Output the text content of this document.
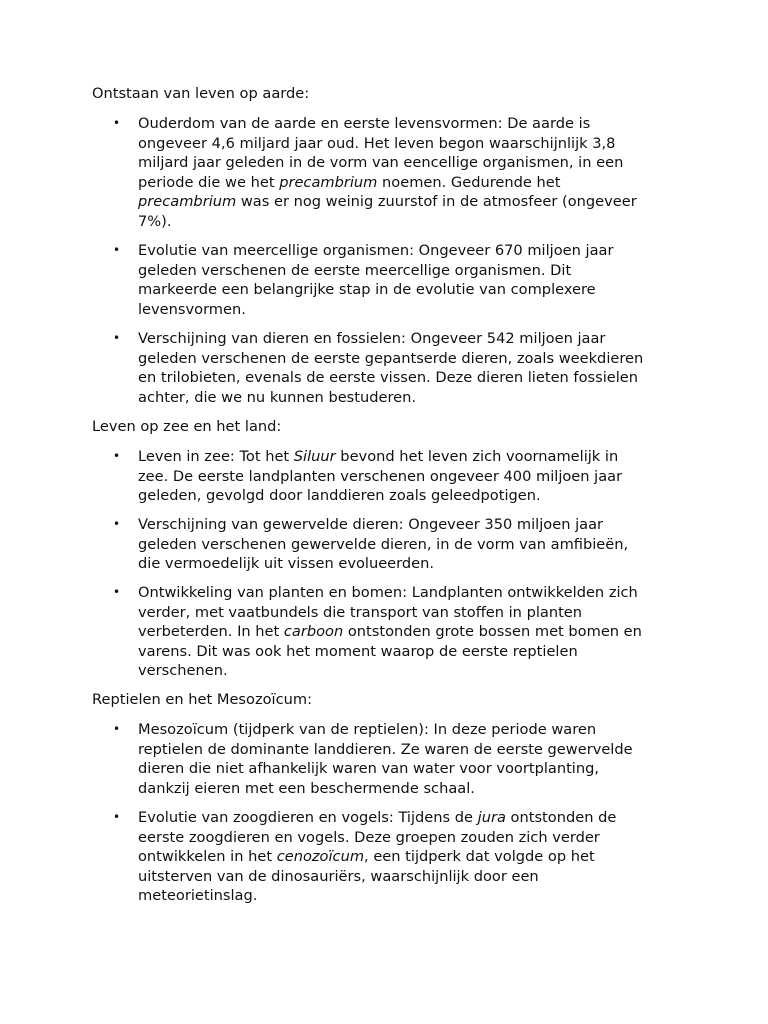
Ontstaan van leven op aarde:
• Ouderdom van de aarde en eerste levensvormen: De aarde is
ongeveer 4,6 miljard jaar oud. Het leven begon waarschijnlijk 3,8
miljard jaar geleden in de vorm van eencellige organismen, in een
periode die we het precambrium noemen. Gedurende het
precambrium was er nog weinig zuurstof in de atmosfeer (ongeveer
7%).
• Evolutie van meercellige organismen: Ongeveer 670 miljoen jaar
geleden verschenen de eerste meercellige organismen. Dit
markeerde een belangrijke stap in de evolutie van complexere
levensvormen.
• Verschijning van dieren en fossielen: Ongeveer 542 miljoen jaar
geleden verschenen de eerste gepantserde dieren, zoals weekdieren
en trilobieten, evenals de eerste vissen. Deze dieren lieten fossielen
achter, die we nu kunnen bestuderen.
Leven op zee en het land:
• Leven in zee: Tot het Siluur bevond het leven zich voornamelijk in
zee. De eerste landplanten verschenen ongeveer 400 miljoen jaar
geleden, gevolgd door landdieren zoals geleedpotigen.
• Verschijning van gewervelde dieren: Ongeveer 350 miljoen jaar
geleden verschenen gewervelde dieren, in de vorm van amfibieën,
die vermoedelijk uit vissen evolueerden.
• Ontwikkeling van planten en bomen: Landplanten ontwikkelden zich
verder, met vaatbundels die transport van stoffen in planten
verbeterden. In het carboon ontstonden grote bossen met bomen en
varens. Dit was ook het moment waarop de eerste reptielen
verschenen.
Reptielen en het Mesozoïcum:
• Mesozoïcum (tijdperk van de reptielen): In deze periode waren
reptielen de dominante landdieren. Ze waren de eerste gewervelde
dieren die niet afhankelijk waren van water voor voortplanting,
dankzij eieren met een beschermende schaal.
• Evolutie van zoogdieren en vogels: Tijdens de jura ontstonden de
eerste zoogdieren en vogels. Deze groepen zouden zich verder
ontwikkelen in het cenozoïcum, een tijdperk dat volgde op het
uitsterven van de dinosauriërs, waarschijnlijk door een
meteorietinslag.
